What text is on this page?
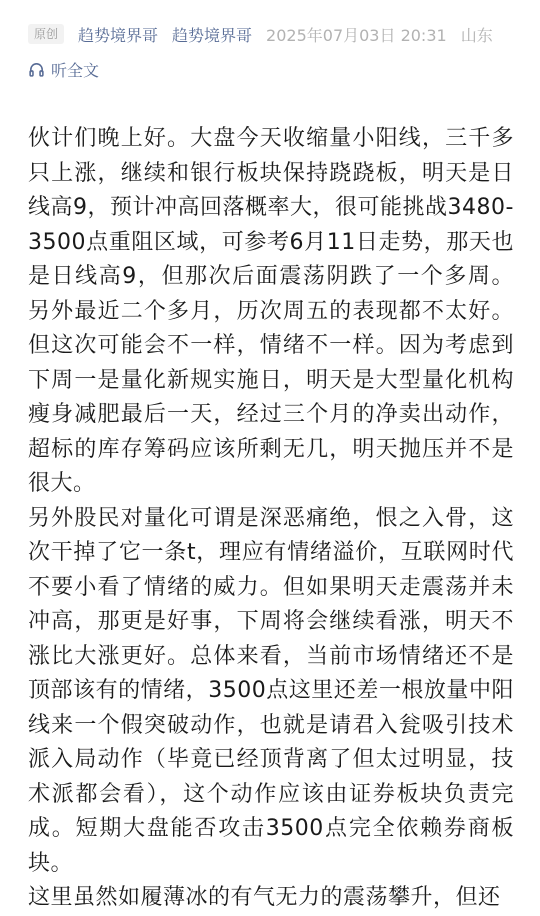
原创	趋势境界哥 趋势境界哥 2025年07月03日 20:31 山东
听全文

伙计们晚上好。大盘今天收缩量小阳线，三千多只上涨，继续和银行板块保持跷跷板，明天是日线高9，预计冲高回落概率大，很可能挑战3480-3500点重阻区域，可参考6月11日走势，那天也是日线高9，但那次后面震荡阴跌了一个多周。另外最近二个多月，历次周五的表现都不太好。但这次可能会不一样，情绪不一样。因为考虑到下周一是量化新规实施日，明天是大型量化机构瘦身减肥最后一天，经过三个月的净卖出动作，超标的库存筹码应该所剩无几，明天抛压并不是很大。

另外股民对量化可谓是深恶痛绝，恨之入骨，这次干掉了它一条t，理应有情绪溢价，互联网时代不要小看了情绪的威力。但如果明天走震荡并未冲高，那更是好事，下周将会继续看涨，明天不涨比大涨更好。总体来看，当前市场情绪还不是顶部该有的情绪，3500点这里还差一根放量中阳线来一个假突破动作，也就是请君入瓮吸引技术派入局动作（毕竟已经顶背离了但太过明显，技术派都会看），这个动作应该由证券板块负责完成。短期大盘能否攻击3500点完全依赖券商板块。

这里虽然如履薄冰的有气无力的震荡攀升，但还
